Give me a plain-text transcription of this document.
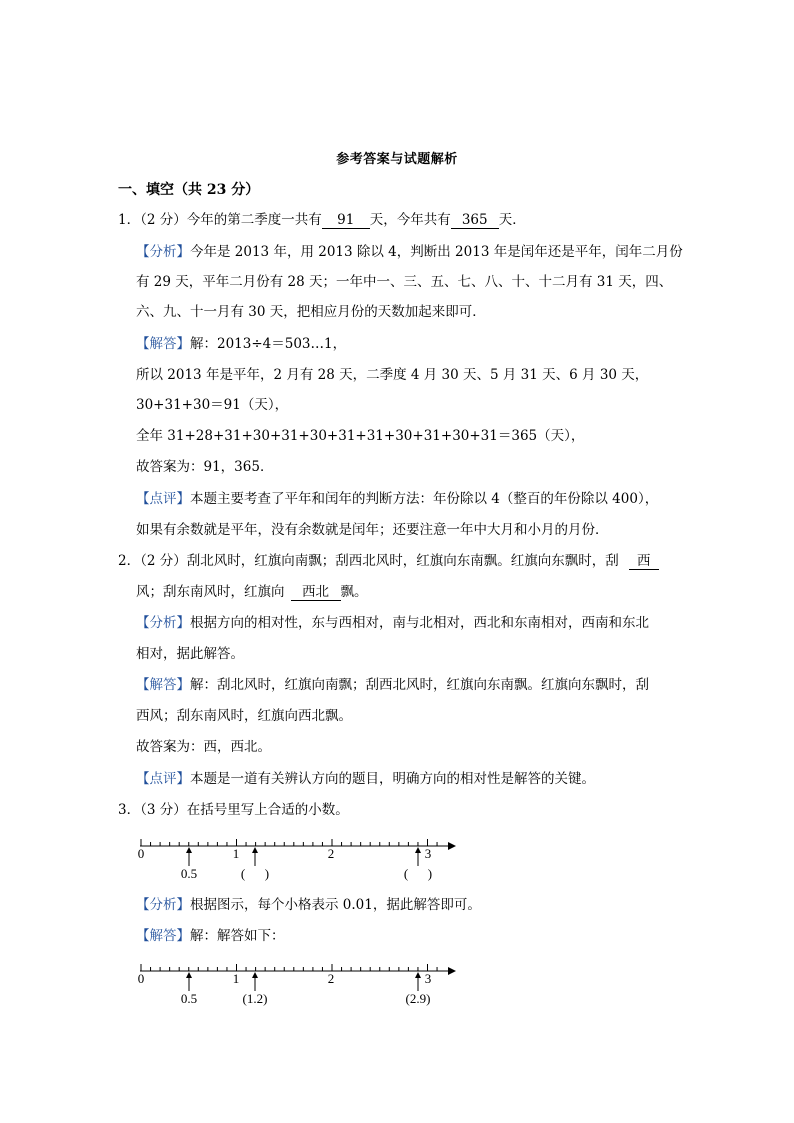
参考答案与试题解析
一、填空（共 23 分）
1．（2 分）今年的第二季度一共有 91 天，今年共有 365 天．
【分析】今年是 2013 年，用 2013 除以 4，判断出 2013 年是闰年还是平年，闰年二月份
有 29 天，平年二月份有 28 天；一年中一、三、五、七、八、十、十二月有 31 天，四、
六、九、十一月有 30 天，把相应月份的天数加起来即可．
【解答】解：2013÷4＝503…1，
所以 2013 年是平年，2 月有 28 天，二季度 4 月 30 天、5 月 31 天、6 月 30 天，
30+31+30＝91（天），
全年 31+28+31+30+31+30+31+31+30+31+30+31＝365（天），
故答案为：91，365．
【点评】本题主要考查了平年和闰年的判断方法：年份除以 4（整百的年份除以 400），
如果有余数就是平年，没有余数就是闰年；还要注意一年中大月和小月的月份．
2．（2 分）刮北风时，红旗向南飘；刮西北风时，红旗向东南飘。红旗向东飘时，刮 西
风；刮东南风时，红旗向 西北 飘。
【分析】根据方向的相对性，东与西相对，南与北相对，西北和东南相对，西南和东北
相对，据此解答。
【解答】解：刮北风时，红旗向南飘；刮西北风时，红旗向东南飘。红旗向东飘时，刮
西风；刮东南风时，红旗向西北飘。
故答案为：西，西北。
【点评】本题是一道有关辨认方向的题目，明确方向的相对性是解答的关键。
3．（3 分）在括号里写上合适的小数。
0	1	2	3
0.5	(      )	(      )
【分析】根据图示，每个小格表示 0.01，据此解答即可。
【解答】解：解答如下：
0	1	2	3
0.5	(1.2)	(2.9)
